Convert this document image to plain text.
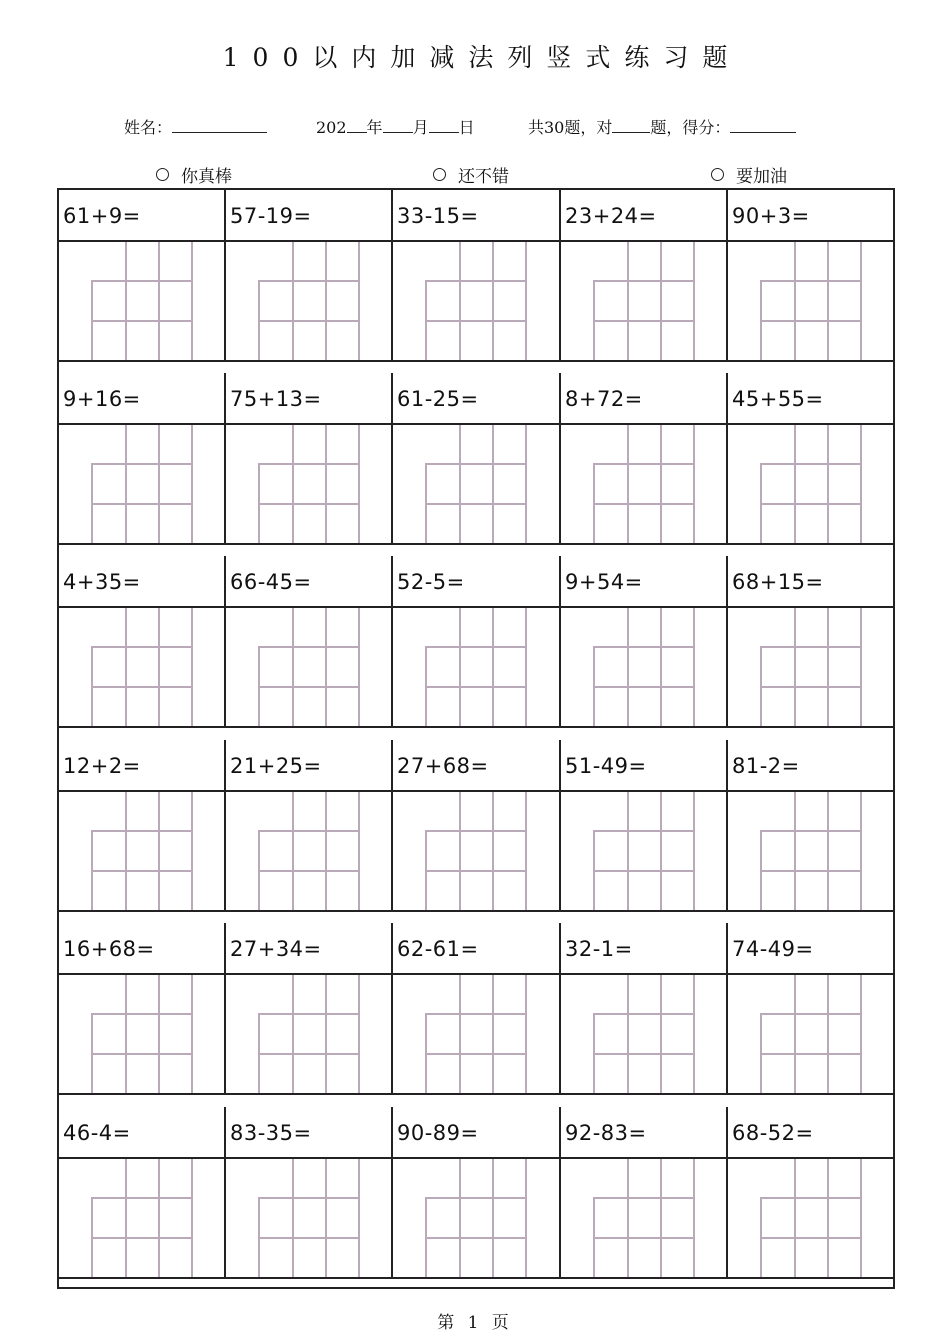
100以内加减法列竖式练习题
姓名：	202 年 月 日	共30题，对 题，得分：
你真棒	还不错	要加油
61+9=	57-19=	33-15=	23+24=	90+3=
9+16=	75+13=	61-25=	8+72=	45+55=
4+35=	66-45=	52-5=	9+54=	68+15=
12+2=	21+25=	27+68=	51-49=	81-2=
16+68=	27+34=	62-61=	32-1=	74-49=
46-4=	83-35=	90-89=	92-83=	68-52=
第 1 页
